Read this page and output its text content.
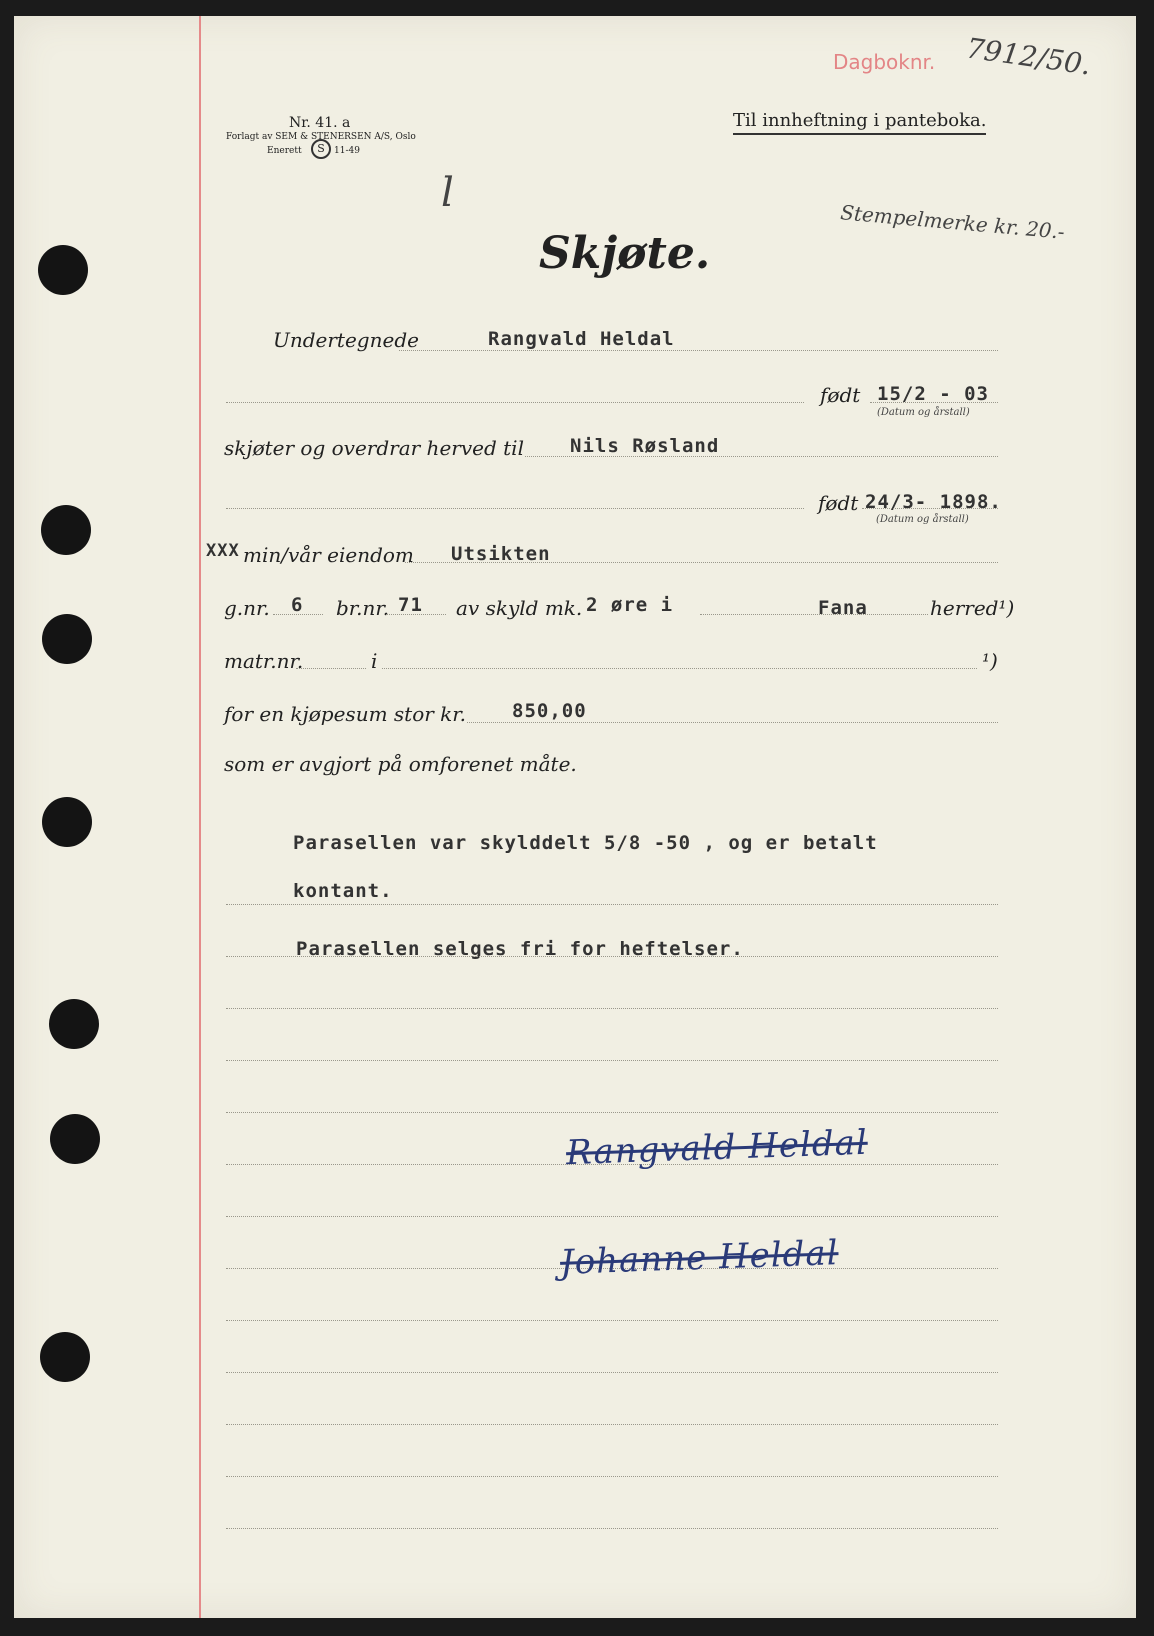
Nr. 41. a
Forlagt av SEM & STENERSEN A/S, Oslo
Enerett	S	11-49
Til innheftning i panteboka.
Dagboknr. 7912/50.
l
Stempelmerke kr. 20.-
Skjøte.
Undertegnede	Rangvald Heldal
født 15/2 - 03
(Datum og årstall)
skjøter og overdrar herved til Nils Røsland
født 24/3- 1898.
(Datum og årstall)
XXX min/vår eiendom Utsikten
g.nr. 6 br.nr. 71 av skyld mk. 2 øre i	Fana	herred¹)
matr.nr.	i	¹)
for en kjøpesum stor kr. 850,00
som er avgjort på omforenet måte.
Parasellen var skylddelt 5/8 -50 , og er betalt
kontant.
Parasellen selges fri for heftelser.
Rangvald Heldal
Johanne Heldal
